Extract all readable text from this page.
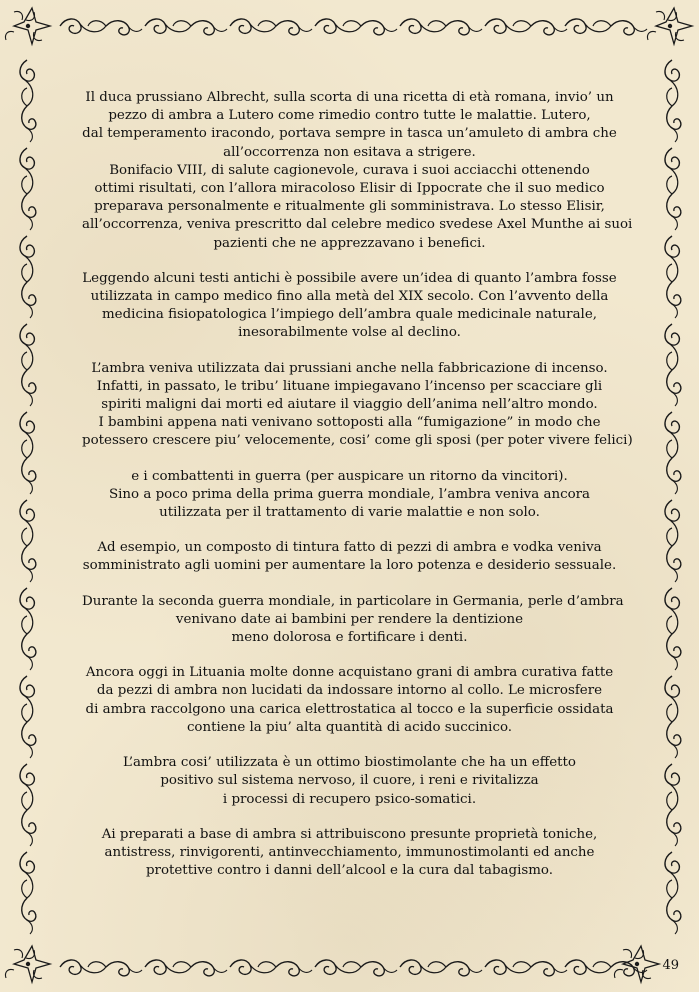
Il duca prussiano Albrecht, sulla scorta di una ricetta di età romana, invio’ un
pezzo di ambra a Lutero come rimedio contro tutte le malattie. Lutero,
dal temperamento iracondo, portava sempre in tasca un’amuleto di ambra che
all’occorrenza non esitava a strigere.
Bonifacio VIII, di salute cagionevole, curava i suoi acciacchi ottenendo
ottimi risultati, con l’allora miracoloso Elisir di Ippocrate che il suo medico
preparava personalmente e ritualmente gli somministrava. Lo stesso Elisir,
all’occorrenza, veniva prescritto dal celebre medico svedese Axel Munthe ai suoi
pazienti che ne apprezzavano i benefici.

Leggendo alcuni testi antichi è possibile avere un’idea di quanto l’ambra fosse
utilizzata in campo medico fino alla metà del XIX secolo. Con l’avvento della
medicina fisiopatologica l’impiego dell’ambra quale medicinale naturale,
inesorabilmente volse al declino.

L’ambra veniva utilizzata dai prussiani anche nella fabbricazione di incenso.
Infatti, in passato, le tribu’ lituane impiegavano l’incenso per scacciare gli
spiriti maligni dai morti ed aiutare il viaggio dell’anima nell’altro mondo.
I bambini appena nati venivano sottoposti alla “fumigazione” in modo che
potessero crescere piu’ velocemente, cosi’ come gli sposi (per poter vivere felici)

e i combattenti in guerra (per auspicare un ritorno da vincitori).
Sino a poco prima della prima guerra mondiale, l’ambra veniva ancora
utilizzata per il trattamento di varie malattie e non solo.

Ad esempio, un composto di tintura fatto di pezzi di ambra e vodka veniva
somministrato agli uomini per aumentare la loro potenza e desiderio sessuale.

Durante la seconda guerra mondiale, in particolare in Germania, perle d’ambra
venivano date ai bambini per rendere la dentizione
meno dolorosa e fortificare i denti.

Ancora oggi in Lituania molte donne acquistano grani di ambra curativa fatte
da pezzi di ambra non lucidati da indossare intorno al collo. Le microsfere
di ambra raccolgono una carica elettrostatica al tocco e la superficie ossidata
contiene la piu’ alta quantità di acido succinico.

L’ambra cosi’ utilizzata è un ottimo biostimolante che ha un effetto
positivo sul sistema nervoso, il cuore, i reni e rivitalizza
i processi di recupero psico-somatici.

Ai preparati a base di ambra si attribuiscono presunte proprietà toniche,
antistress, rinvigorenti, antinvecchiamento, immunostimolanti ed anche
protettive contro i danni dell’alcool e la cura dal tabagismo.

49
